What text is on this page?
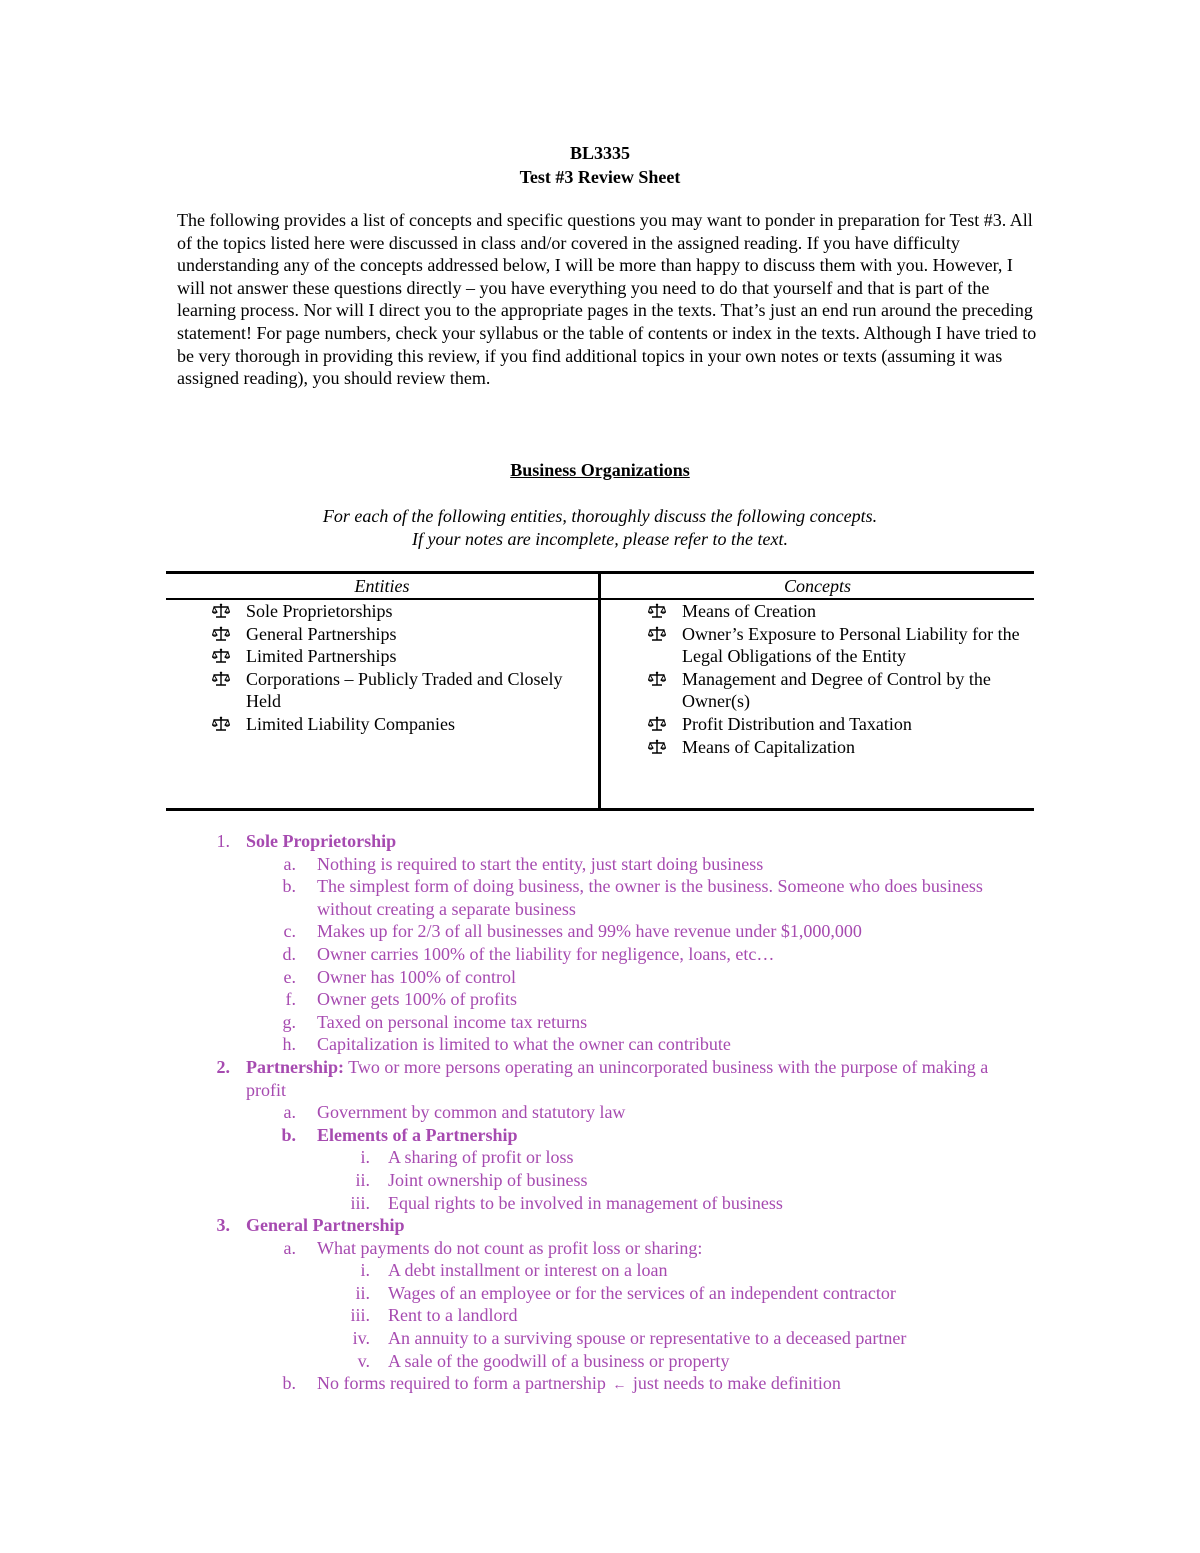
BL3335
Test #3 Review Sheet
The following provides a list of concepts and specific questions you may want to ponder in preparation for Test #3. All of the topics listed here were discussed in class and/or covered in the assigned reading. If you have difficulty understanding any of the concepts addressed below, I will be more than happy to discuss them with you. However, I will not answer these questions directly – you have everything you need to do that yourself and that is part of the learning process. Nor will I direct you to the appropriate pages in the texts. That’s just an end run around the preceding statement! For page numbers, check your syllabus or the table of contents or index in the texts. Although I have tried to be very thorough in providing this review, if you find additional topics in your own notes or texts (assuming it was assigned reading), you should review them.
Business Organizations
For each of the following entities, thoroughly discuss the following concepts.
If your notes are incomplete, please refer to the text.
Entities
Sole Proprietorships
General Partnerships
Limited Partnerships
Corporations – Publicly Traded and Closely Held
Limited Liability Companies
Concepts
Means of Creation
Owner’s Exposure to Personal Liability for the Legal Obligations of the Entity
Management and Degree of Control by the Owner(s)
Profit Distribution and Taxation
Means of Capitalization
1. Sole Proprietorship
a. Nothing is required to start the entity, just start doing business
b. The simplest form of doing business, the owner is the business. Someone who does business without creating a separate business
c. Makes up for 2/3 of all businesses and 99% have revenue under $1,000,000
d. Owner carries 100% of the liability for negligence, loans, etc…
e. Owner has 100% of control
f. Owner gets 100% of profits
g. Taxed on personal income tax returns
h. Capitalization is limited to what the owner can contribute
2. Partnership: Two or more persons operating an unincorporated business with the purpose of making a profit
a. Government by common and statutory law
b. Elements of a Partnership
i. A sharing of profit or loss
ii. Joint ownership of business
iii. Equal rights to be involved in management of business
3. General Partnership
a. What payments do not count as profit loss or sharing:
i. A debt installment or interest on a loan
ii. Wages of an employee or for the services of an independent contractor
iii. Rent to a landlord
iv. An annuity to a surviving spouse or representative to a deceased partner
v. A sale of the goodwill of a business or property
b. No forms required to form a partnership ← just needs to make definition
